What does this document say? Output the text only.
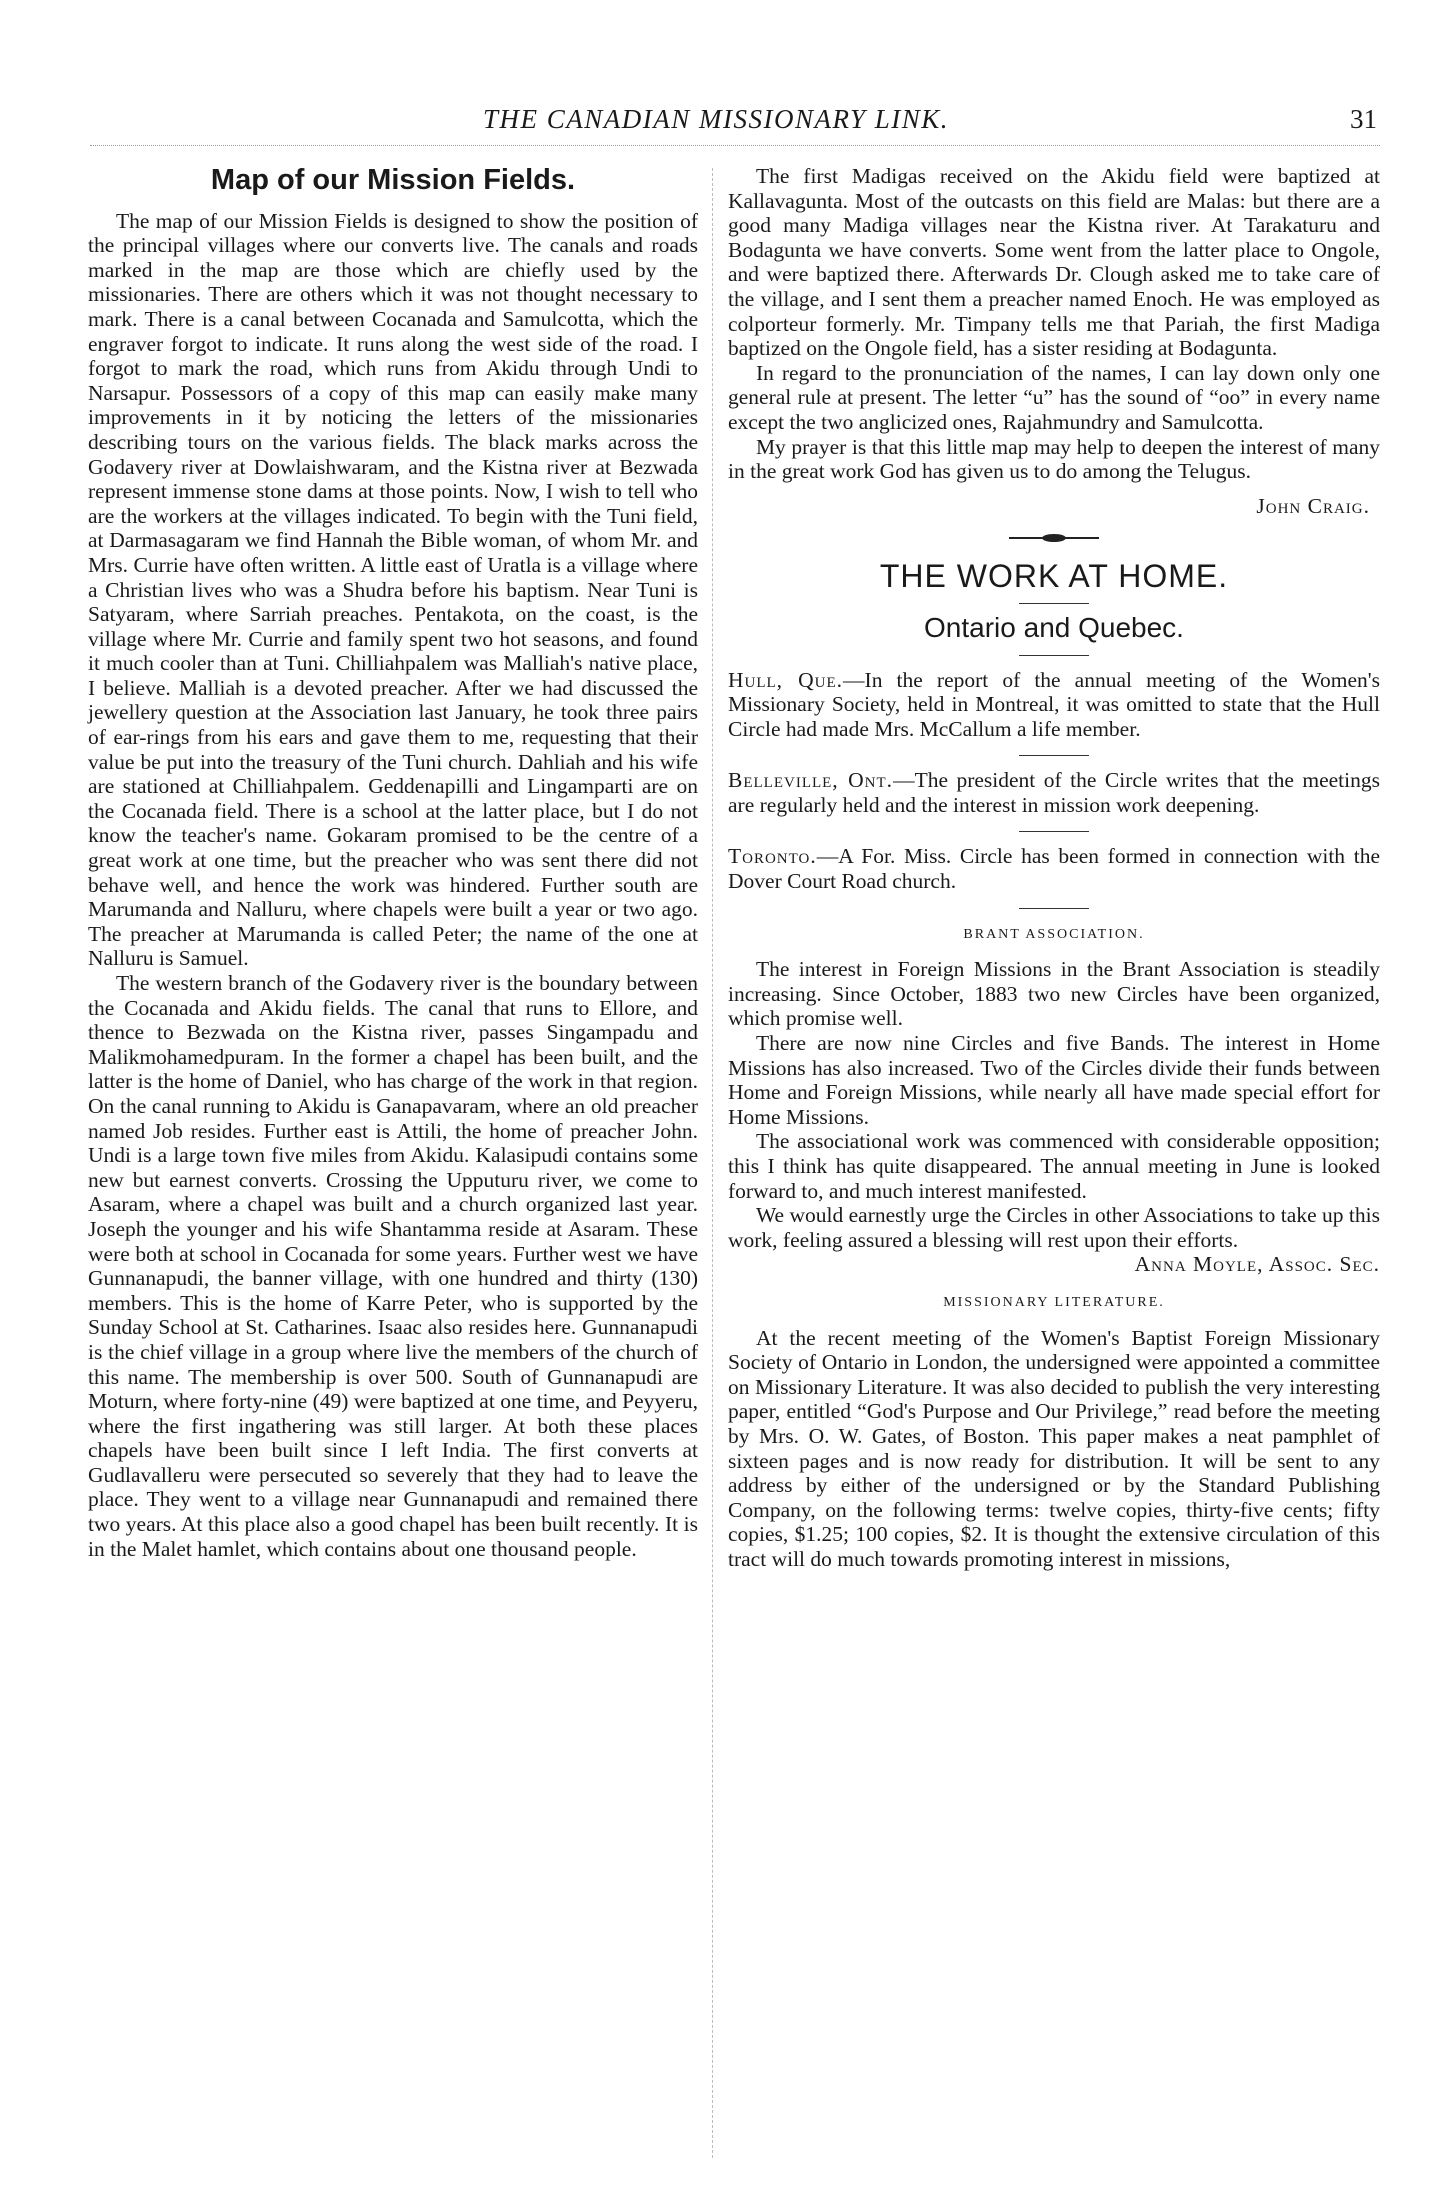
THE CANADIAN MISSIONARY LINK.	31
Map of our Mission Fields.

The map of our Mission Fields is designed to show the position of the principal villages where our converts live. The canals and roads marked in the map are those which are chiefly used by the missionaries. There are others which it was not thought necessary to mark. There is a canal between Cocanada and Samulcotta, which the engraver forgot to indicate. It runs along the west side of the road. I forgot to mark the road, which runs from Akidu through Undi to Narsapur. Possessors of a copy of this map can easily make many improvements in it by noticing the letters of the missionaries describing tours on the various fields. The black marks across the Godavery river at Dowlaishwaram, and the Kistna river at Bezwada represent immense stone dams at those points. Now, I wish to tell who are the workers at the villages indicated. To begin with the Tuni field, at Darmasagaram we find Hannah the Bible woman, of whom Mr. and Mrs. Currie have often written. A little east of Uratla is a village where a Christian lives who was a Shudra before his baptism. Near Tuni is Satyaram, where Sarriah preaches. Pentakota, on the coast, is the village where Mr. Currie and family spent two hot seasons, and found it much cooler than at Tuni. Chilliahpalem was Malliah's native place, I believe. Malliah is a devoted preacher. After we had discussed the jewellery question at the Association last January, he took three pairs of ear-rings from his ears and gave them to me, requesting that their value be put into the treasury of the Tuni church. Dahliah and his wife are stationed at Chilliahpalem. Geddenapilli and Lingamparti are on the Cocanada field. There is a school at the latter place, but I do not know the teacher's name. Gokaram promised to be the centre of a great work at one time, but the preacher who was sent there did not behave well, and hence the work was hindered. Further south are Marumanda and Nalluru, where chapels were built a year or two ago. The preacher at Marumanda is called Peter; the name of the one at Nalluru is Samuel.

The western branch of the Godavery river is the boundary between the Cocanada and Akidu fields. The canal that runs to Ellore, and thence to Bezwada on the Kistna river, passes Singampadu and Malikmohamedpuram. In the former a chapel has been built, and the latter is the home of Daniel, who has charge of the work in that region. On the canal running to Akidu is Ganapavaram, where an old preacher named Job resides. Further east is Attili, the home of preacher John. Undi is a large town five miles from Akidu. Kalasipudi contains some new but earnest converts. Crossing the Upputuru river, we come to Asaram, where a chapel was built and a church organized last year. Joseph the younger and his wife Shantamma reside at Asaram. These were both at school in Cocanada for some years. Further west we have Gunnanapudi, the banner village, with one hundred and thirty (130) members. This is the home of Karre Peter, who is supported by the Sunday School at St. Catharines. Isaac also resides here. Gunnanapudi is the chief village in a group where live the members of the church of this name. The membership is over 500. South of Gunnanapudi are Moturn, where forty-nine (49) were baptized at one time, and Peyyeru, where the first ingathering was still larger. At both these places chapels have been built since I left India. The first converts at Gudlavalleru were persecuted so severely that they had to leave the place. They went to a village near Gunnanapudi and remained there two years. At this place also a good chapel has been built recently. It is in the Malet hamlet, which contains about one thousand people.

The first Madigas received on the Akidu field were baptized at Kallavagunta. Most of the outcasts on this field are Malas: but there are a good many Madiga villages near the Kistna river. At Tarakaturu and Bodagunta we have converts. Some went from the latter place to Ongole, and were baptized there. Afterwards Dr. Clough asked me to take care of the village, and I sent them a preacher named Enoch. He was employed as colporteur formerly. Mr. Timpany tells me that Pariah, the first Madiga baptized on the Ongole field, has a sister residing at Bodagunta.

In regard to the pronunciation of the names, I can lay down only one general rule at present. The letter “u” has the sound of “oo” in every name except the two anglicized ones, Rajahmundry and Samulcotta.

My prayer is that this little map may help to deepen the interest of many in the great work God has given us to do among the Telugus.

John Craig.
THE WORK AT HOME.
Ontario and Quebec.

Hull, Que.—In the report of the annual meeting of the Women's Missionary Society, held in Montreal, it was omitted to state that the Hull Circle had made Mrs. McCallum a life member.

Belleville, Ont.—The president of the Circle writes that the meetings are regularly held and the interest in mission work deepening.

Toronto.—A For. Miss. Circle has been formed in connection with the Dover Court Road church.

BRANT ASSOCIATION.

The interest in Foreign Missions in the Brant Association is steadily increasing. Since October, 1883 two new Circles have been organized, which promise well.

There are now nine Circles and five Bands. The interest in Home Missions has also increased. Two of the Circles divide their funds between Home and Foreign Missions, while nearly all have made special effort for Home Missions.

The associational work was commenced with considerable opposition; this I think has quite disappeared. The annual meeting in June is looked forward to, and much interest manifested.

We would earnestly urge the Circles in other Associations to take up this work, feeling assured a blessing will rest upon their efforts.
Anna Moyle, Assoc. Sec.

MISSIONARY LITERATURE.

At the recent meeting of the Women's Baptist Foreign Missionary Society of Ontario in London, the undersigned were appointed a committee on Missionary Literature. It was also decided to publish the very interesting paper, entitled “God's Purpose and Our Privilege,” read before the meeting by Mrs. O. W. Gates, of Boston. This paper makes a neat pamphlet of sixteen pages and is now ready for distribution. It will be sent to any address by either of the undersigned or by the Standard Publishing Company, on the following terms: twelve copies, thirty-five cents; fifty copies, $1.25; 100 copies, $2. It is thought the extensive circulation of this tract will do much towards promoting interest in missions,
